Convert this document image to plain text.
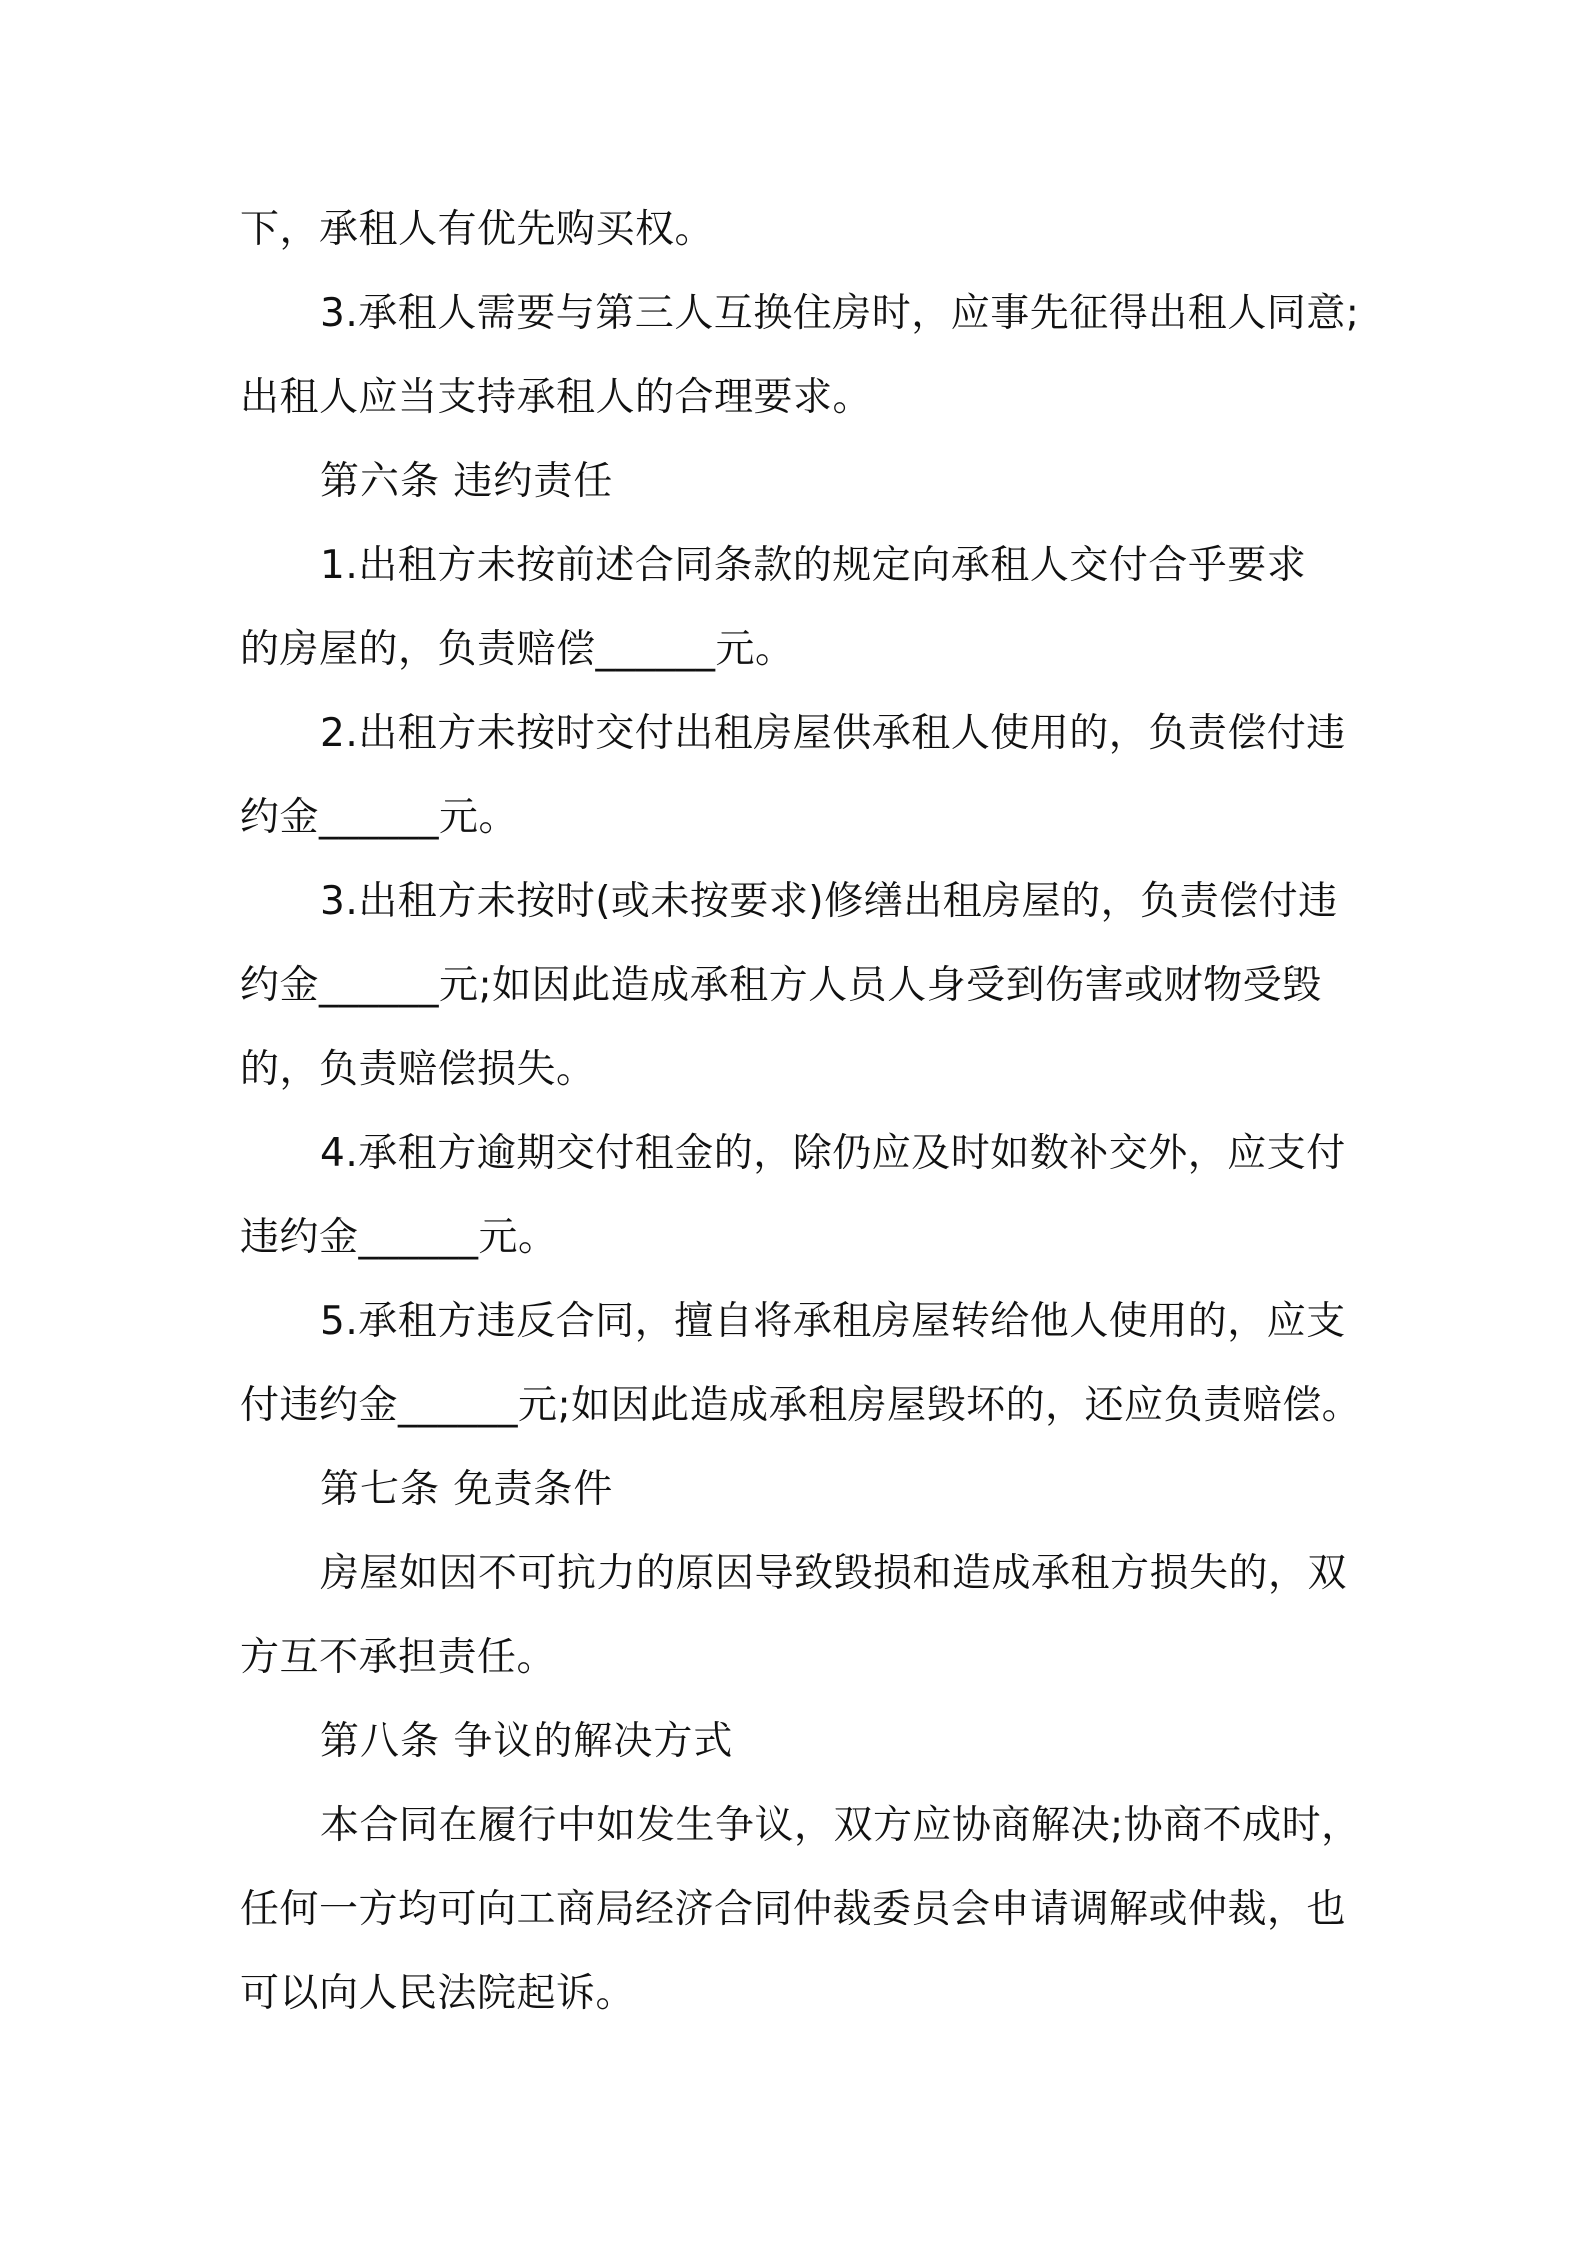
下，承租人有优先购买权。
3.承租人需要与第三人互换住房时，应事先征得出租人同意;
出租人应当支持承租人的合理要求。
第六条 违约责任
1.出租方未按前述合同条款的规定向承租人交付合乎要求
的房屋的，负责赔偿______元。
2.出租方未按时交付出租房屋供承租人使用的，负责偿付违
约金______元。
3.出租方未按时(或未按要求)修缮出租房屋的，负责偿付违
约金______元;如因此造成承租方人员人身受到伤害或财物受毁
的，负责赔偿损失。
4.承租方逾期交付租金的，除仍应及时如数补交外，应支付
违约金______元。
5.承租方违反合同，擅自将承租房屋转给他人使用的，应支
付违约金______元;如因此造成承租房屋毁坏的，还应负责赔偿。
第七条 免责条件
房屋如因不可抗力的原因导致毁损和造成承租方损失的，双
方互不承担责任。
第八条 争议的解决方式
本合同在履行中如发生争议，双方应协商解决;协商不成时，
任何一方均可向工商局经济合同仲裁委员会申请调解或仲裁，也
可以向人民法院起诉。
